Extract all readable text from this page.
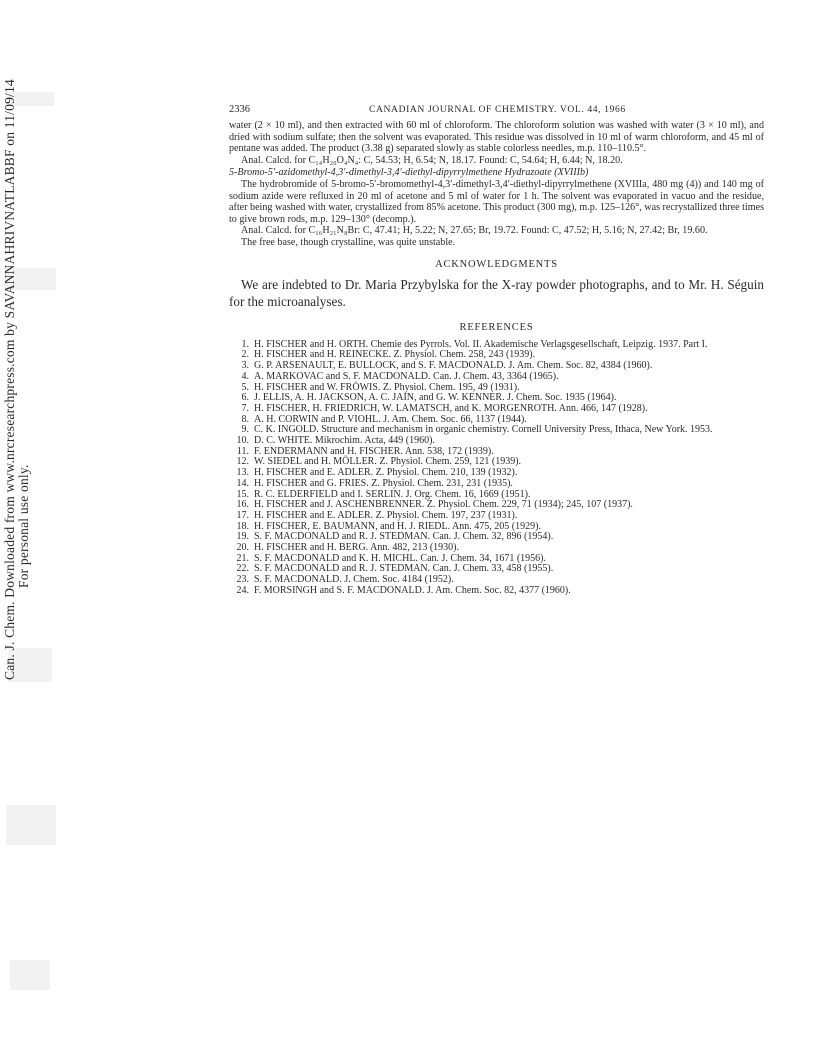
Can. J. Chem. Downloaded from www.nrcresearchpress.com by SAVANNAHRIVNATLABBF on 11/09/14 For personal use only.
2336	CANADIAN JOURNAL OF CHEMISTRY. VOL. 44, 1966

water (2 × 10 ml), and then extracted with 60 ml of chloroform. The chloroform solution was washed with water (3 × 10 ml), and dried with sodium sulfate; then the solvent was evaporated. This residue was dissolved in 10 ml of warm chloroform, and 45 ml of pentane was added. The product (3.38 g) separated slowly as stable colorless needles, m.p. 110–110.5°.

Anal. Calcd. for C₁₄H₂₀O₄N₄: C, 54.53; H, 6.54; N, 18.17. Found: C, 54.64; H, 6.44; N, 18.20.

5-Bromo-5′-azidomethyl-4,3′-dimethyl-3,4′-diethyl-dipyrrylmethene Hydrazoate (XVIIIb)

The hydrobromide of 5-bromo-5′-bromomethyl-4,3′-dimethyl-3,4′-diethyl-dipyrrylmethene (XVIIIa, 480 mg (4)) and 140 mg of sodium azide were refluxed in 20 ml of acetone and 5 ml of water for 1 h. The solvent was evaporated in vacuo and the residue, after being washed with water, crystallized from 85% acetone. This product (300 mg), m.p. 125–126°, was recrystallized three times to give brown rods, m.p. 129–130° (decomp.).

Anal. Calcd. for C₁₆H₂₁N₈Br: C, 47.41; H, 5.22; N, 27.65; Br, 19.72. Found: C, 47.52; H, 5.16; N, 27.42; Br, 19.60.

The free base, though crystalline, was quite unstable.

ACKNOWLEDGMENTS

We are indebted to Dr. Maria Przybylska for the X-ray powder photographs, and to Mr. H. Séguin for the microanalyses.

REFERENCES
1. H. FISCHER and H. ORTH. Chemie des Pyrrols. Vol. II. Akademische Verlagsgesellschaft, Leipzig. 1937. Part I.
2. H. FISCHER and H. REINECKE. Z. Physiol. Chem. 258, 243 (1939).
3. G. P. ARSENAULT, E. BULLOCK, and S. F. MACDONALD. J. Am. Chem. Soc. 82, 4384 (1960).
4. A. MARKOVAC and S. F. MACDONALD. Can. J. Chem. 43, 3364 (1965).
5. H. FISCHER and W. FRÖWIS. Z. Physiol. Chem. 195, 49 (1931).
6. J. ELLIS, A. H. JACKSON, A. C. JAIN, and G. W. KENNER. J. Chem. Soc. 1935 (1964).
7. H. FISCHER, H. FRIEDRICH, W. LAMATSCH, and K. MORGENROTH. Ann. 466, 147 (1928).
8. A. H. CORWIN and P. VIOHL. J. Am. Chem. Soc. 66, 1137 (1944).
9. C. K. INGOLD. Structure and mechanism in organic chemistry. Cornell University Press, Ithaca, New York. 1953.
10. D. C. WHITE. Mikrochim. Acta, 449 (1960).
11. F. ENDERMANN and H. FISCHER. Ann. 538, 172 (1939).
12. W. SIEDEL and H. MÖLLER. Z. Physiol. Chem. 259, 121 (1939).
13. H. FISCHER and E. ADLER. Z. Physiol. Chem. 210, 139 (1932).
14. H. FISCHER and G. FRIES. Z. Physiol. Chem. 231, 231 (1935).
15. R. C. ELDERFIELD and I. SERLIN. J. Org. Chem. 16, 1669 (1951).
16. H. FISCHER and J. ASCHENBRENNER. Z. Physiol. Chem. 229, 71 (1934); 245, 107 (1937).
17. H. FISCHER and E. ADLER. Z. Physiol. Chem. 197, 237 (1931).
18. H. FISCHER, E. BAUMANN, and H. J. RIEDL. Ann. 475, 205 (1929).
19. S. F. MACDONALD and R. J. STEDMAN. Can. J. Chem. 32, 896 (1954).
20. H. FISCHER and H. BERG. Ann. 482, 213 (1930).
21. S. F. MACDONALD and K. H. MICHL. Can. J. Chem. 34, 1671 (1956).
22. S. F. MACDONALD and R. J. STEDMAN. Can. J. Chem. 33, 458 (1955).
23. S. F. MACDONALD. J. Chem. Soc. 4184 (1952).
24. F. MORSINGH and S. F. MACDONALD. J. Am. Chem. Soc. 82, 4377 (1960).
